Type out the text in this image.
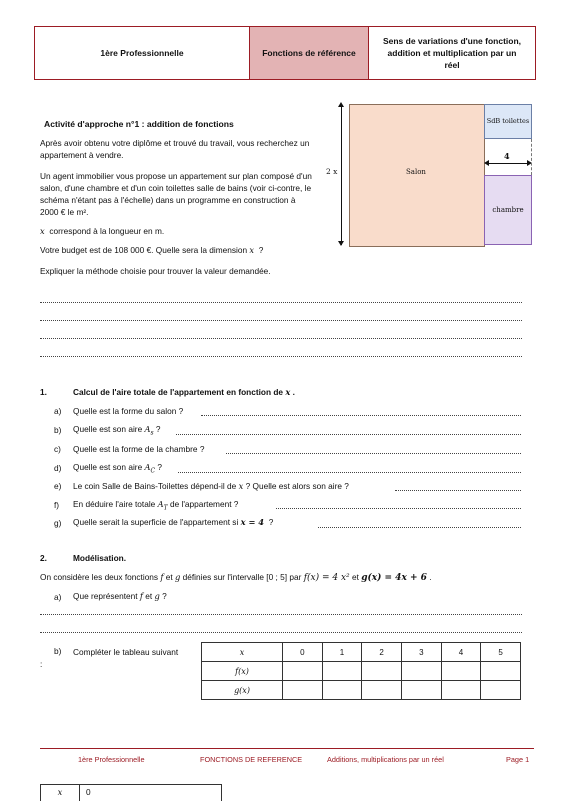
1ère Professionnelle	Fonctions de référence
Sens de variations d'une fonction, addition et multiplication par un réel
Activité d'approche n°1 : addition de fonctions
Après avoir obtenu votre diplôme et trouvé du travail, vous recherchez un appartement à vendre.
Un agent immobilier vous propose un appartement sur plan composé d'un salon, d'une chambre et d'un coin toilettes salle de bains (voir ci-contre, le schéma n'étant pas à l'échelle) dans un programme en construction à 2000 € le m².
x correspond à la longueur en m.
Votre budget est de 108 000 €. Quelle sera la dimension x ?
Expliquer la méthode choisie pour trouver la valeur demandée.
2 x	Salon
SdB toilettes
4
chambre
1.	Calcul de l'aire totale de l'appartement en fonction de x .
a) Quelle est la forme du salon ?
b) Quelle est son aire $A_s$ ?
c) Quelle est la forme de la chambre ?
d) Quelle est son aire $A_C$ ?
e) Le coin Salle de Bains-Toilettes dépend-il de x ? Quelle est alors son aire ?
f) En déduire l'aire totale $A_T$ de l'appartement ?
g) Quelle serait la superficie de l'appartement si x = 4 ?
2.	Modélisation.
On considère les deux fonctions f et g définies sur l'intervalle [0 ; 5] par f(x) = 4 x² et g(x) = 4x + 6 .
a) Que représentent f et g ?
b)	Compléter le tableau suivant :
x	0	1	2	3	4	5
f(x)						
g(x)						
1ère Professionnelle	FONCTIONS DE REFERENCE	Additions, multiplications par un réel	Page 1
x	0
